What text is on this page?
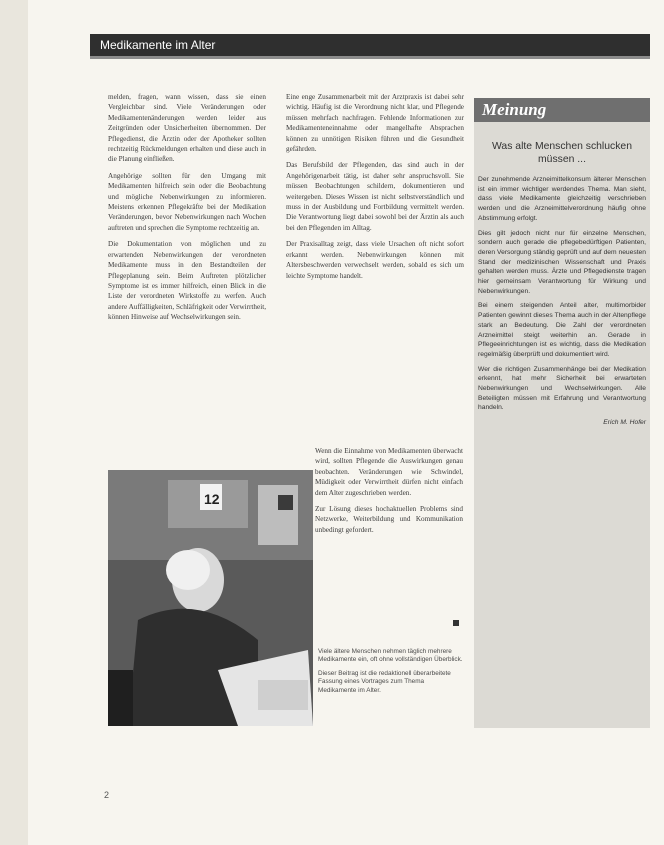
Medikamente im Alter

melden, fragen, wann wissen, dass sie einen Vergleichbar sind. Viele Veränderungen oder Medikamentenänderungen werden leider aus Zeitgründen oder Unsicherheiten übernommen. Der Pflegedienst, die Ärztin oder der Apotheker sollten rechtzeitig Rückmeldungen erhalten und diese auch in die Planung einfließen.

Angehörige sollten für den Umgang mit Medikamenten hilfreich sein oder die Beobachtung und mögliche Nebenwirkungen zu informieren. Meistens erkennen Pflegekräfte bei der Medikation Veränderungen, bevor Nebenwirkungen nach Wochen auftreten und sprechen die Symptome rechtzeitig an.

Die Dokumentation von möglichen und zu erwartenden Nebenwirkungen der verordneten Medikamente muss in den Bestandteilen der Pflegeplanung sein. Beim Auftreten plötzlicher Symptome ist es immer hilfreich, einen Blick in die Liste der verordneten Wirkstoffe zu werfen. Auch andere Auffälligkeiten, Schläfrigkeit oder Verwirrtheit, können Hinweise auf Wechselwirkungen sein.

Eine enge Zusammenarbeit mit der Arztpraxis ist dabei sehr wichtig. Häufig ist die Verordnung nicht klar, und Pflegende müssen mehrfach nachfragen. Fehlende Informationen zur Medikamenteneinnahme oder mangelhafte Absprachen können zu unnötigen Risiken führen und die Gesundheit gefährden.

Das Berufsbild der Pflegenden, das sind auch in der Angehörigenarbeit tätig, ist daher sehr anspruchsvoll. Sie müssen Beobachtungen schildern, dokumentieren und weitergeben. Dieses Wissen ist nicht selbstverständlich und muss in der Ausbildung und Fortbildung vermittelt werden. Die Verantwortung liegt dabei sowohl bei der Ärztin als auch bei den Pflegenden im Alltag.

Der Praxisalltag zeigt, dass viele Ursachen oft nicht sofort erkannt werden. Nebenwirkungen können mit Altersbeschwerden verwechselt werden, sobald es sich um leichte Symptome handelt.

Wenn die Einnahme von Medikamenten überwacht wird, sollten Pflegende die Auswirkungen genau beobachten. Veränderungen wie Schwindel, Müdigkeit oder Verwirrtheit dürfen nicht einfach dem Alter zugeschrieben werden.

Zur Lösung dieses hochaktuellen Problems sind Netzwerke, Weiterbildung und Kommunikation unbedingt gefordert.

12

Viele ältere Menschen nehmen täglich mehrere Medikamente ein, oft ohne vollständigen Überblick.

Dieser Beitrag ist die redaktionell überarbeitete Fassung eines Vortrages zum Thema Medikamente im Alter.

Meinung
Was alte Menschen schlucken müssen ...

Der zunehmende Arzneimittelkonsum älterer Menschen ist ein immer wichtiger werdendes Thema. Man sieht, dass viele Medikamente gleichzeitig verschrieben werden und die Arzneimittelverordnung häufig ohne Abstimmung erfolgt.

Dies gilt jedoch nicht nur für einzelne Menschen, sondern auch gerade die pflegebedürftigen Patienten, deren Versorgung ständig geprüft und auf dem neuesten Stand der medizinischen Wissenschaft und Praxis gehalten werden muss. Ärzte und Pflegedienste tragen hier gemeinsam Verantwortung für Wirkung und Nebenwirkungen.

Bei einem steigenden Anteil alter, multimorbider Patienten gewinnt dieses Thema auch in der Altenpflege stark an Bedeutung. Die Zahl der verordneten Arzneimittel steigt weiterhin an. Gerade in Pflegeeinrichtungen ist es wichtig, dass die Medikation regelmäßig überprüft und dokumentiert wird.

Wer die richtigen Zusammenhänge bei der Medikation erkennt, hat mehr Sicherheit bei erwarteten Nebenwirkungen und Wechselwirkungen. Alle Beteiligten müssen mit Erfahrung und Verantwortung handeln.

Erich M. Hofer

2
